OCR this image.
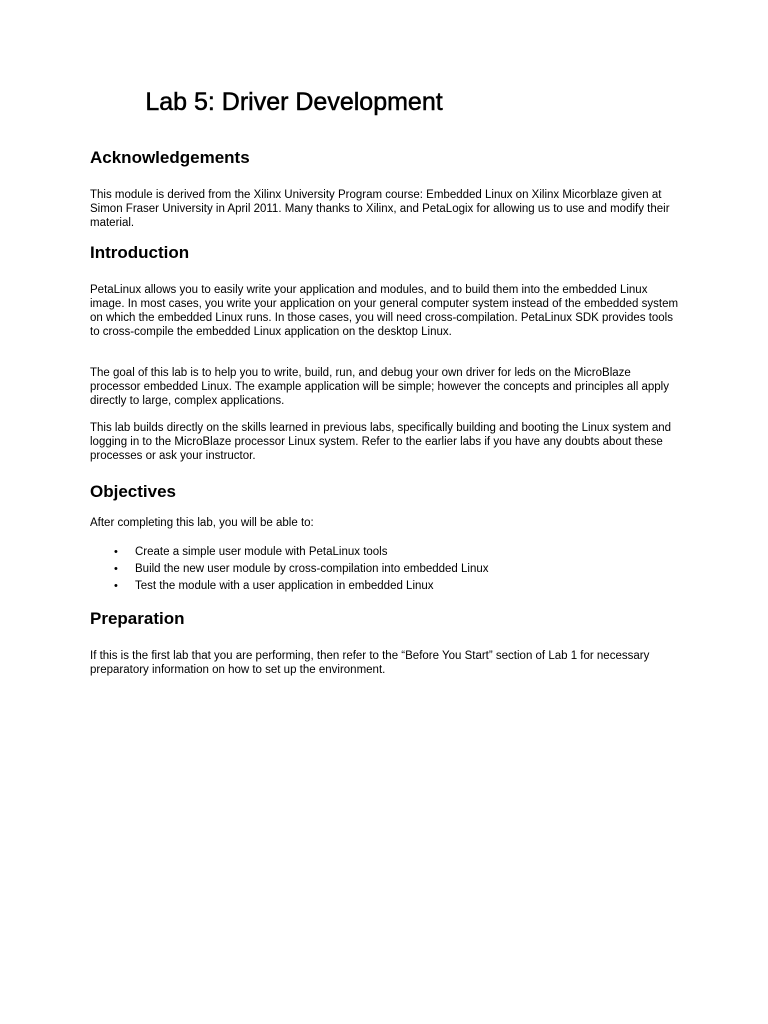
Lab 5: Driver Development
Acknowledgements

This module is derived from the Xilinx University Program course: Embedded Linux on Xilinx Micorblaze given at Simon Fraser University in April 2011. Many thanks to Xilinx, and PetaLogix for allowing us to use and modify their material.

Introduction

PetaLinux allows you to easily write your application and modules, and to build them into the embedded Linux image. In most cases, you write your application on your general computer system instead of the embedded system on which the embedded Linux runs. In those cases, you will need cross-compilation. PetaLinux SDK provides tools to cross-compile the embedded Linux application on the desktop Linux.

The goal of this lab is to help you to write, build, run, and debug your own driver for leds on the MicroBlaze processor embedded Linux. The example application will be simple; however the concepts and principles all apply directly to large, complex applications.

This lab builds directly on the skills learned in previous labs, specifically building and booting the Linux system and logging in to the MicroBlaze processor Linux system. Refer to the earlier labs if you have any doubts about these processes or ask your instructor.

Objectives

After completing this lab, you will be able to:

• Create a simple user module with PetaLinux tools
• Build the new user module by cross-compilation into embedded Linux
• Test the module with a user application in embedded Linux
Preparation

If this is the first lab that you are performing, then refer to the “Before You Start” section of Lab 1 for necessary preparatory information on how to set up the environment.
